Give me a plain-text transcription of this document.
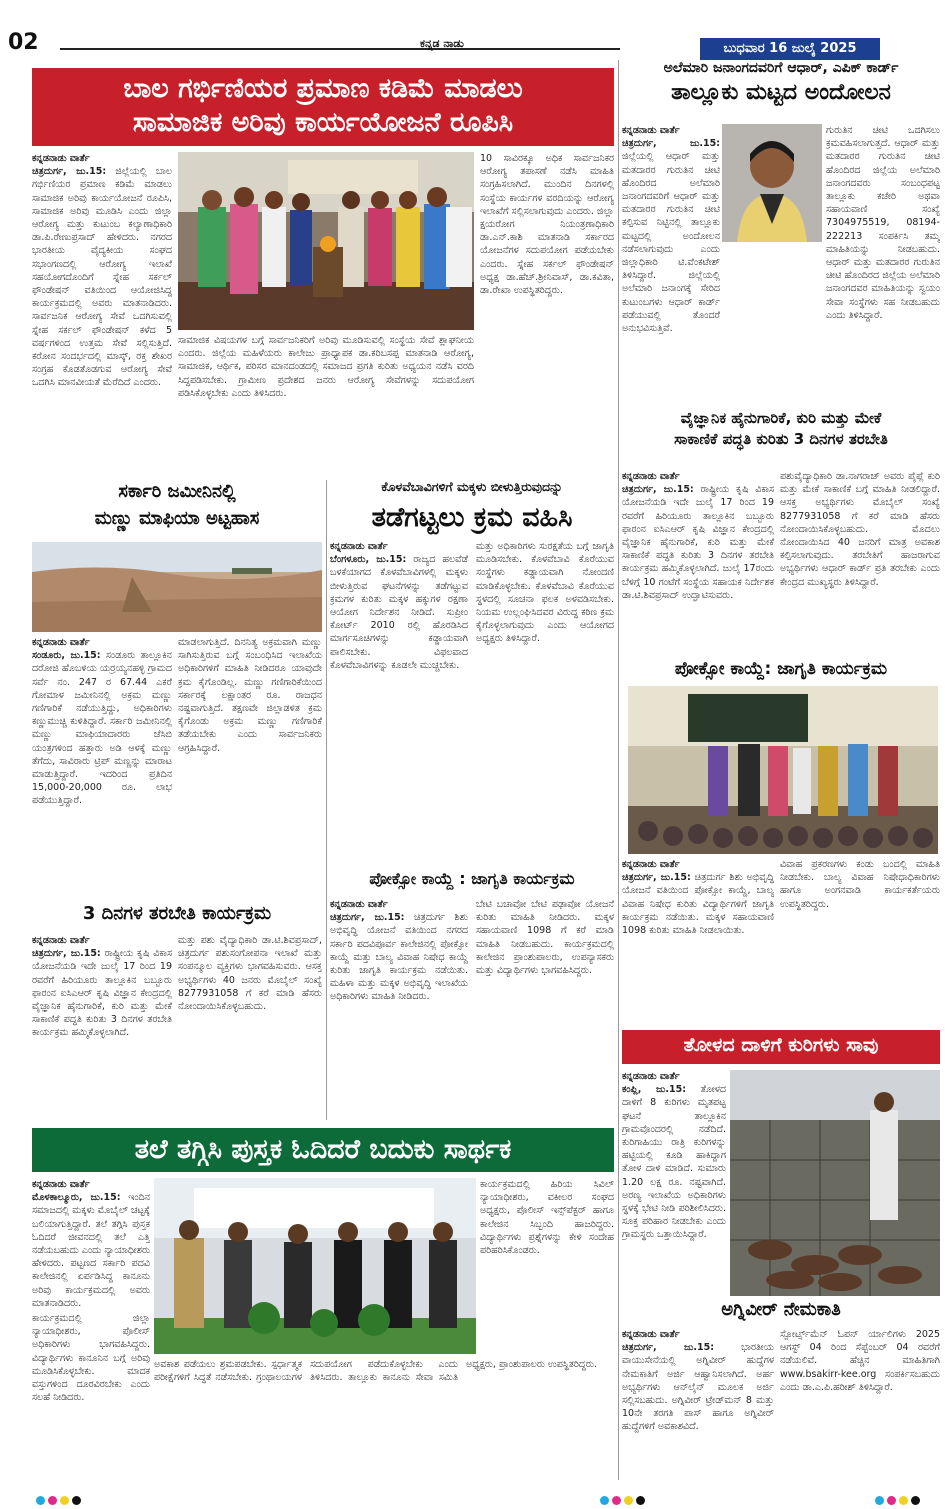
02	ಕನ್ನಡ ನಾಡು	ಬುಧವಾರ 16 ಜುಲೈ 2025
ಬಾಲ ಗರ್ಭಿಣಿಯರ ಪ್ರಮಾಣ ಕಡಿಮೆ ಮಾಡಲು
ಸಾಮಾಜಿಕ ಅರಿವು ಕಾರ್ಯಯೋಜನೆ ರೂಪಿಸಿ

ಕನ್ನಡನಾಡು ವಾರ್ತೆ
ಚಿತ್ರದುರ್ಗ, ಜು.15: ಜಿಲ್ಲೆಯಲ್ಲಿ ಬಾಲ ಗರ್ಭಿಣಿಯರ ಪ್ರಮಾಣ ಕಡಿಮೆ ಮಾಡಲು ಸಾಮಾಜಿಕ ಅರಿವು ಕಾರ್ಯಯೋಜನೆ ರೂಪಿಸಿ, ಸಾಮಾಜಿಕ ಅರಿವು ಮೂಡಿಸಿ ಎಂದು ಜಿಲ್ಲಾ ಆರೋಗ್ಯ ಮತ್ತು ಕುಟುಂಬ ಕಲ್ಯಾಣಾಧಿಕಾರಿ ಡಾ.ಪಿ.ರೇಣುಪ್ರಸಾದ್ ಹೇಳಿದರು. ನಗರದ ಭಾರತೀಯ ವೈದ್ಯಕೀಯ ಸಂಘದ ಸಭಾಂಗಣದಲ್ಲಿ ಆರೋಗ್ಯ ಇಲಾಖೆ ಸಹಯೋಗದೊಂದಿಗೆ ಸ್ನೇಹ ಸರ್ಕಲ್ ಫೌಂಡೇಷನ್ ವತಿಯಿಂದ ಆಯೋಜಿಸಿದ್ದ ಕಾರ್ಯಕ್ರಮದಲ್ಲಿ ಅವರು ಮಾತನಾಡಿದರು. ಸಾರ್ವಜನಿಕ ಆರೋಗ್ಯ ಸೇವೆ ಒದಗಿಸುವಲ್ಲಿ ಸ್ನೇಹ ಸರ್ಕಲ್ ಫೌಂಡೇಷನ್ ಕಳೆದ 5 ವರ್ಷಗಳಿಂದ ಉತ್ತಮ ಸೇವೆ ಸಲ್ಲಿಸುತ್ತಿದೆ. ಕರೋನ ಸಂದರ್ಭದಲ್ಲಿ ಮಾಸ್ಕ್, ರಕ್ತ ಶೇಖರ ಸಂಗ್ರಹ ಕೊಡತೊಡಗುವ ಆರೋಗ್ಯ ಸೇವೆ ಒದಗಿಸಿ ಮಾನವೀಯತೆ ಮೆರೆದಿದೆ ಎಂದರು.

ಸಾಮಾಜಿಕ ವಿಷಯಗಳ ಬಗ್ಗೆ ಸಾರ್ವಜನಿಕರಿಗೆ ಅರಿವು ಮೂಡಿಸುವಲ್ಲಿ ಸಂಸ್ಥೆಯ ಸೇವೆ ಶ್ಲಾಘನೀಯ ಎಂದರು. ಜಿಲ್ಲೆಯ ಮಹಿಳೆಯರು ಕಾಲೇಜು ಪ್ರಾಧ್ಯಾಪಕ ಡಾ.ಕರಿಬಸಪ್ಪ ಮಾತನಾಡಿ ಆರೋಗ್ಯ, ಸಾಮಾಜಿಕ, ಆರ್ಥಿಕ, ಪರಿಸರ ಮಾನದಂಡದಲ್ಲಿ ಸಮಾಜದ ಪ್ರಗತಿ ಕುರಿತು ಅಧ್ಯಯನ ನಡೆಸಿ ವರದಿ ಸಿದ್ಧಪಡಿಸಬೇಕು. ಗ್ರಾಮೀಣ ಪ್ರದೇಶದ ಜನರು ಆರೋಗ್ಯ ಸೇವೆಗಳನ್ನು ಸದುಪಯೋಗ ಪಡಿಸಿಕೊಳ್ಳಬೇಕು ಎಂದು ತಿಳಿಸಿದರು.

10 ಸಾವಿರಕ್ಕೂ ಅಧಿಕ ಸಾರ್ವಜನಿಕರ ಆರೋಗ್ಯ ತಪಾಸಣೆ ನಡೆಸಿ ಮಾಹಿತಿ ಸಂಗ್ರಹಿಸಲಾಗಿದೆ. ಮುಂದಿನ ದಿನಗಳಲ್ಲಿ ಸಂಸ್ಥೆಯ ಕಾರ್ಯಗಳ ವರದಿಯನ್ನು ಆರೋಗ್ಯ ಇಲಾಖೆಗೆ ಸಲ್ಲಿಸಲಾಗುವುದು ಎಂದರು. ಜಿಲ್ಲಾ ಕ್ಷಯರೋಗ ನಿಯಂತ್ರಣಾಧಿಕಾರಿ ಡಾ.ಎನ್.ಕಾಶಿ ಮಾತನಾಡಿ ಸರ್ಕಾರದ ಯೋಜನೆಗಳ ಸದುಪಯೋಗ ಪಡೆಯಬೇಕು ಎಂದರು. ಸ್ನೇಹ ಸರ್ಕಲ್ ಫೌಂಡೇಷನ್ ಅಧ್ಯಕ್ಷ ಡಾ.ಹೆಚ್.ಶ್ರೀನಿವಾಸ್, ಡಾ.ಕವಿತಾ, ಡಾ.ರೇಖಾ ಉಪಸ್ಥಿತರಿದ್ದರು.

ಅಲೆಮಾರಿ ಜನಾಂಗದವರಿಗೆ ಆಧಾರ್, ಎಪಿಕ್ ಕಾರ್ಡ್
ತಾಲ್ಲೂಕು ಮಟ್ಟದ ಅಂದೋಲನ

ಕನ್ನಡನಾಡು ವಾರ್ತೆ
ಚಿತ್ರದುರ್ಗ, ಜು.15: ಜಿಲ್ಲೆಯಲ್ಲಿ ಆಧಾರ್ ಮತ್ತು ಮತದಾರರ ಗುರುತಿನ ಚೀಟಿ ಹೊಂದಿರದ ಅಲೆಮಾರಿ ಜನಾಂಗದವರಿಗೆ ಆಧಾರ್ ಮತ್ತು ಮತದಾರರ ಗುರುತಿನ ಚೀಟಿ ಕಲ್ಪಿಸುವ ನಿಟ್ಟಿನಲ್ಲಿ ತಾಲ್ಲೂಕು ಮಟ್ಟದಲ್ಲಿ ಅಂದೋಲನ ನಡೆಸಲಾಗುವುದು ಎಂದು ಜಿಲ್ಲಾಧಿಕಾರಿ ಟಿ.ವೆಂಕಟೇಶ್ ತಿಳಿಸಿದ್ದಾರೆ. ಜಿಲ್ಲೆಯಲ್ಲಿ ಅಲೆಮಾರಿ ಜನಾಂಗಕ್ಕೆ ಸೇರಿದ ಕುಟುಂಬಗಳು ಆಧಾರ್ ಕಾರ್ಡ್ ಪಡೆಯುವಲ್ಲಿ ತೊಂದರೆ ಅನುಭವಿಸುತ್ತಿವೆ.

ಗುರುತಿನ ಚೀಟಿ ಒದಗಿಸಲು ಕ್ರಮವಹಿಸಲಾಗುತ್ತದೆ. ಆಧಾರ್ ಮತ್ತು ಮತದಾರರ ಗುರುತಿನ ಚೀಟಿ ಹೊಂದಿರದ ಜಿಲ್ಲೆಯ ಅಲೆಮಾರಿ ಜನಾಂಗದವರು ಸಂಬಂಧಪಟ್ಟ ತಾಲ್ಲೂಕು ಕಚೇರಿ ಅಥವಾ ಸಹಾಯವಾಣಿ ಸಂಖ್ಯೆ 7304975519, 08194-222213 ಸಂಪರ್ಕಿಸಿ ತಮ್ಮ ಮಾಹಿತಿಯನ್ನು ನೀಡಬಹುದು. ಆಧಾರ್ ಮತ್ತು ಮತದಾರರ ಗುರುತಿನ ಚೀಟಿ ಹೊಂದಿರದ ಜಿಲ್ಲೆಯ ಅಲೆಮಾರಿ ಜನಾಂಗದವರ ಮಾಹಿತಿಯನ್ನು ಸ್ವಯಂ ಸೇವಾ ಸಂಸ್ಥೆಗಳು ಸಹ ನೀಡಬಹುದು ಎಂದು ತಿಳಿಸಿದ್ದಾರೆ.

ವೈಜ್ಞಾನಿಕ ಹೈನುಗಾರಿಕೆ, ಕುರಿ ಮತ್ತು ಮೇಕೆ
ಸಾಕಾಣಿಕೆ ಪದ್ಧತಿ ಕುರಿತು 3 ದಿನಗಳ ತರಬೇತಿ

ಕನ್ನಡನಾಡು ವಾರ್ತೆ
ಚಿತ್ರದುರ್ಗ, ಜು.15: ರಾಷ್ಟ್ರೀಯ ಕೃಷಿ ವಿಕಾಸ ಯೋಜನೆಯಡಿ ಇದೇ ಜುಲೈ 17 ರಿಂದ 19 ರವರೆಗೆ ಹಿರಿಯೂರು ತಾಲ್ಲೂಕಿನ ಬಬ್ಬೂರು ಫಾರಂನ ಐಸಿಎಆರ್ ಕೃಷಿ ವಿಜ್ಞಾನ ಕೇಂದ್ರದಲ್ಲಿ ವೈಜ್ಞಾನಿಕ ಹೈನುಗಾರಿಕೆ, ಕುರಿ ಮತ್ತು ಮೇಕೆ ಸಾಕಾಣಿಕೆ ಪದ್ಧತಿ ಕುರಿತು 3 ದಿನಗಳ ತರಬೇತಿ ಕಾರ್ಯಕ್ರಮ ಹಮ್ಮಿಕೊಳ್ಳಲಾಗಿದೆ. ಜುಲೈ 17ರಂದು ಬೆಳಿಗ್ಗೆ 10 ಗಂಟೆಗೆ ಸಂಸ್ಥೆಯ ಸಹಾಯಕ ನಿರ್ದೇಶಕ ಡಾ.ಟಿ.ಶಿವಪ್ರಸಾದ್ ಉದ್ಘಾಟಿಸುವರು.

ಪಶುವೈದ್ಯಾಧಿಕಾರಿ ಡಾ.ನಾಗರಾಜ್ ಅವರು ಪೈಪ್ಲೆ ಕುರಿ ಮತ್ತು ಮೇಕೆ ಸಾಕಾಣಿಕೆ ಬಗ್ಗೆ ಮಾಹಿತಿ ನೀಡಲಿದ್ದಾರೆ. ಆಸಕ್ತ ಅಭ್ಯರ್ಥಿಗಳು ಮೊಬೈಲ್ ಸಂಖ್ಯೆ 8277931058 ಗೆ ಕರೆ ಮಾಡಿ ಹೆಸರು ನೋಂದಾಯಿಸಿಕೊಳ್ಳಬಹುದು. ಮೊದಲು ನೋಂದಾಯಿಸಿದ 40 ಜನರಿಗೆ ಮಾತ್ರ ಅವಕಾಶ ಕಲ್ಪಿಸಲಾಗುವುದು. ತರಬೇತಿಗೆ ಹಾಜರಾಗುವ ಅಭ್ಯರ್ಥಿಗಳು ಆಧಾರ್ ಕಾರ್ಡ್ ಪ್ರತಿ ತರಬೇಕು ಎಂದು ಕೇಂದ್ರದ ಮುಖ್ಯಸ್ಥರು ತಿಳಿಸಿದ್ದಾರೆ.

ಪೋಕ್ಸೋ ಕಾಯ್ದೆ: ಜಾಗೃತಿ ಕಾರ್ಯಕ್ರಮ

ಕನ್ನಡನಾಡು ವಾರ್ತೆ
ಚಿತ್ರದುರ್ಗ, ಜು.15: ಚಿತ್ರದುರ್ಗ ಶಿಶು ಅಭಿವೃದ್ಧಿ ಯೋಜನೆ ವತಿಯಿಂದ ಪೋಕ್ಸೋ ಕಾಯ್ದೆ, ಬಾಲ್ಯ ವಿವಾಹ ನಿಷೇಧ ಕುರಿತು ವಿದ್ಯಾರ್ಥಿಗಳಿಗೆ ಜಾಗೃತಿ ಕಾರ್ಯಕ್ರಮ ನಡೆಯಿತು. ಮಕ್ಕಳ ಸಹಾಯವಾಣಿ 1098 ಕುರಿತು ಮಾಹಿತಿ ನೀಡಲಾಯಿತು.

ವಿವಾಹ ಪ್ರಕರಣಗಳು ಕಂಡು ಬಂದಲ್ಲಿ ಮಾಹಿತಿ ನೀಡಬೇಕು. ಬಾಲ್ಯ ವಿವಾಹ ನಿಷೇಧಾಧಿಕಾರಿಗಳು ಹಾಗೂ ಅಂಗನವಾಡಿ ಕಾರ್ಯಕರ್ತೆಯರು ಉಪಸ್ಥಿತರಿದ್ದರು.

ತೋಳದ ದಾಳಿಗೆ ಕುರಿಗಳು ಸಾವು

ಕನ್ನಡನಾಡು ವಾರ್ತೆ
ಕಂಪ್ಲಿ, ಜು.15: ತೋಳದ ದಾಳಿಗೆ 8 ಕುರಿಗಳು ಮೃತಪಟ್ಟ ಘಟನೆ ತಾಲ್ಲೂಕಿನ ಗ್ರಾಮವೊಂದರಲ್ಲಿ ನಡೆದಿದೆ. ಕುರಿಗಾಹಿಯು ರಾತ್ರಿ ಕುರಿಗಳನ್ನು ಹಟ್ಟಿಯಲ್ಲಿ ಕೂಡಿ ಹಾಕಿದ್ದಾಗ ತೋಳ ದಾಳಿ ಮಾಡಿದೆ. ಸುಮಾರು 1.20 ಲಕ್ಷ ರೂ. ನಷ್ಟವಾಗಿದೆ. ಅರಣ್ಯ ಇಲಾಖೆಯ ಅಧಿಕಾರಿಗಳು ಸ್ಥಳಕ್ಕೆ ಭೇಟಿ ನೀಡಿ ಪರಿಶೀಲಿಸಿದರು. ಸೂಕ್ತ ಪರಿಹಾರ ನೀಡಬೇಕು ಎಂದು ಗ್ರಾಮಸ್ಥರು ಒತ್ತಾಯಿಸಿದ್ದಾರೆ.

ಅಗ್ನಿವೀರ್ ನೇಮಕಾತಿ

ಕನ್ನಡನಾಡು ವಾರ್ತೆ
ಚಿತ್ರದುರ್ಗ, ಜು.15:	ಭಾರತೀಯ ವಾಯುಸೇನೆಯಲ್ಲಿ ಅಗ್ನಿವೀರ್ ಹುದ್ದೆಗಳ ನೇಮಕಾತಿಗೆ ಅರ್ಜಿ ಆಹ್ವಾನಿಸಲಾಗಿದೆ. ಅರ್ಹ ಅಭ್ಯರ್ಥಿಗಳು ಆನ್‌ಲೈನ್ ಮೂಲಕ ಅರ್ಜಿ ಸಲ್ಲಿಸಬಹುದು. ಅಗ್ನಿವೀರ್ ಟ್ರೇಡ್‌ಮನ್ 8 ಮತ್ತು 10ನೇ ತರಗತಿ ಪಾಸ್ ಹಾಗೂ ಅಗ್ನಿವೀರ್ ಹುದ್ದೆಗಳಿಗೆ ಅವಕಾಶವಿದೆ.

ಸ್ಪೋರ್ಟ್ಸ್‌ಮೆನ್ ಓಪನ್ ರ್ಯಾಲಿಗಳು 2025 ಆಗಸ್ಟ್ 04 ರಿಂದ ಸೆಪ್ಟೆಂಬರ್ 04 ರವರೆಗೆ ನಡೆಯಲಿವೆ. ಹೆಚ್ಚಿನ ಮಾಹಿತಿಗಾಗಿ www.bsakirr-kee.org ಸಂಪರ್ಕಿಸಬಹುದು ಎಂದು ಡಾ.ಎ.ಪಿ.ಹರೀಶ್ ತಿಳಿಸಿದ್ದಾರೆ.

ಸರ್ಕಾರಿ ಜಮೀನಿನಲ್ಲಿ
ಮಣ್ಣು ಮಾಫಿಯಾ ಅಟ್ಟಹಾಸ

ಕನ್ನಡನಾಡು ವಾರ್ತೆ
ಸಂಡೂರು, ಜು.15: ಸಂಡೂರು ತಾಲ್ಲೂಕಿನ ದರೋಜಿ ಹೊಬಳಿಯ ಯರ್ರಯ್ಯನಹಳ್ಳಿ ಗ್ರಾಮದ ಸರ್ವೆ ನಂ. 247 ರ 67.44 ಎಕರೆ ಗೋಮಾಳ ಜಮೀನಿನಲ್ಲಿ ಅಕ್ರಮ ಮಣ್ಣು ಗಣಿಗಾರಿಕೆ ನಡೆಯುತ್ತಿದ್ದು, ಅಧಿಕಾರಿಗಳು ಕಣ್ಣುಮುಚ್ಚಿ ಕುಳಿತಿದ್ದಾರೆ. ಸರ್ಕಾರಿ ಜಮೀನಿನಲ್ಲಿ ಮಣ್ಣು ಮಾಫಿಯಾದಾರರು ಜೆಸಿಬಿ ಯಂತ್ರಗಳಿಂದ ಹತ್ತಾರು ಅಡಿ ಆಳಕ್ಕೆ ಮಣ್ಣು ತೆಗೆದು, ಸಾವಿರಾರು ಟ್ರಿಪ್ ಮಣ್ಣನ್ನು ಮಾರಾಟ ಮಾಡುತ್ತಿದ್ದಾರೆ. ಇದರಿಂದ ಪ್ರತಿದಿನ 15,000-20,000 ರೂ. ಲಾಭ ಪಡೆಯುತ್ತಿದ್ದಾರೆ.

ಮಾಡಲಾಗುತ್ತಿದೆ. ದಿನನಿತ್ಯ ಅಕ್ರಮವಾಗಿ ಮಣ್ಣು ಸಾಗಿಸುತ್ತಿರುವ ಬಗ್ಗೆ ಸಂಬಂಧಿಸಿದ ಇಲಾಖೆಯ ಅಧಿಕಾರಿಗಳಿಗೆ ಮಾಹಿತಿ ನೀಡಿದರೂ ಯಾವುದೇ ಕ್ರಮ ಕೈಗೊಂಡಿಲ್ಲ. ಮಣ್ಣು ಗಣಿಗಾರಿಕೆಯಿಂದ ಸರ್ಕಾರಕ್ಕೆ ಲಕ್ಷಾಂತರ ರೂ. ರಾಜಧನ ನಷ್ಟವಾಗುತ್ತಿದೆ. ತಕ್ಷಣವೇ ಜಿಲ್ಲಾಡಳಿತ ಕ್ರಮ ಕೈಗೊಂಡು ಅಕ್ರಮ ಮಣ್ಣು ಗಣಿಗಾರಿಕೆ ತಡೆಯಬೇಕು ಎಂದು ಸಾರ್ವಜನಿಕರು ಆಗ್ರಹಿಸಿದ್ದಾರೆ.

ಕೊಳವೆಬಾವಿಗಳಿಗೆ ಮಕ್ಕಳು ಬೀಳುತ್ತಿರುವುದನ್ನು
ತಡೆಗಟ್ಟಲು ಕ್ರಮ ವಹಿಸಿ

ಕನ್ನಡನಾಡು ವಾರ್ತೆ
ಬೆಂಗಳೂರು, ಜು.15: ರಾಜ್ಯದ ಹಲವೆಡೆ ಬಳಕೆಯಾಗದ ಕೊಳವೆಬಾವಿಗಳಲ್ಲಿ ಮಕ್ಕಳು ಬೀಳುತ್ತಿರುವ ಘಟನೆಗಳನ್ನು ತಡೆಗಟ್ಟುವ ಕ್ರಮಗಳ ಕುರಿತು ಮಕ್ಕಳ ಹಕ್ಕುಗಳ ರಕ್ಷಣಾ ಆಯೋಗ ನಿರ್ದೇಶನ ನೀಡಿದೆ. ಸುಪ್ರೀಂ ಕೋರ್ಟ್ 2010 ರಲ್ಲಿ ಹೊರಡಿಸಿದ ಮಾರ್ಗಸೂಚಿಗಳನ್ನು ಕಡ್ಡಾಯವಾಗಿ ಪಾಲಿಸಬೇಕು. ವಿಫಲವಾದ ಕೊಳವೆಬಾವಿಗಳನ್ನು ಕೂಡಲೇ ಮುಚ್ಚಬೇಕು.

ಮತ್ತು ಅಧಿಕಾರಿಗಳು ಸುರಕ್ಷತೆಯ ಬಗ್ಗೆ ಜಾಗೃತಿ ಮೂಡಿಸಬೇಕು. ಕೊಳವೆಬಾವಿ ಕೊರೆಯುವ ಸಂಸ್ಥೆಗಳು ಕಡ್ಡಾಯವಾಗಿ ನೋಂದಣಿ ಮಾಡಿಕೊಳ್ಳಬೇಕು. ಕೊಳವೆಬಾವಿ ಕೊರೆಯುವ ಸ್ಥಳದಲ್ಲಿ ಸೂಚನಾ ಫಲಕ ಅಳವಡಿಸಬೇಕು. ನಿಯಮ ಉಲ್ಲಂಘಿಸಿದವರ ವಿರುದ್ಧ ಕಠಿಣ ಕ್ರಮ ಕೈಗೊಳ್ಳಲಾಗುವುದು ಎಂದು ಆಯೋಗದ ಅಧ್ಯಕ್ಷರು ತಿಳಿಸಿದ್ದಾರೆ.

3 ದಿನಗಳ ತರಬೇತಿ ಕಾರ್ಯಕ್ರಮ

ಕನ್ನಡನಾಡು ವಾರ್ತೆ
ಚಿತ್ರದುರ್ಗ, ಜು.15: ರಾಷ್ಟ್ರೀಯ ಕೃಷಿ ವಿಕಾಸ ಯೋಜನೆಯಡಿ ಇದೇ ಜುಲೈ 17 ರಿಂದ 19 ರವರೆಗೆ ಹಿರಿಯೂರು ತಾಲ್ಲೂಕಿನ ಬಬ್ಬೂರು ಫಾರಂನ ಐಸಿಎಆರ್ ಕೃಷಿ ವಿಜ್ಞಾನ ಕೇಂದ್ರದಲ್ಲಿ ವೈಜ್ಞಾನಿಕ ಹೈನುಗಾರಿಕೆ, ಕುರಿ ಮತ್ತು ಮೇಕೆ ಸಾಕಾಣಿಕೆ ಪದ್ಧತಿ ಕುರಿತು 3 ದಿನಗಳ ತರಬೇತಿ ಕಾರ್ಯಕ್ರಮ ಹಮ್ಮಿಕೊಳ್ಳಲಾಗಿದೆ.

ಮತ್ತು ಪಶು ವೈದ್ಯಾಧಿಕಾರಿ ಡಾ.ಟಿ.ಶಿವಪ್ರಸಾದ್, ಚಿತ್ರದುರ್ಗ ಪಶುಸಂಗೋಪನಾ ಇಲಾಖೆ ಮತ್ತು ಸಂಪನ್ಮೂಲ ವ್ಯಕ್ತಿಗಳು ಭಾಗವಹಿಸುವರು. ಆಸಕ್ತ ಅಭ್ಯರ್ಥಿಗಳು 40 ಜನರು ಮೊಬೈಲ್ ಸಂಖ್ಯೆ 8277931058 ಗೆ ಕರೆ ಮಾಡಿ ಹೆಸರು ನೋಂದಾಯಿಸಿಕೊಳ್ಳಬಹುದು.

ಪೋಕ್ಸೋ ಕಾಯ್ದೆ : ಜಾಗೃತಿ ಕಾರ್ಯಕ್ರಮ

ಕನ್ನಡನಾಡು ವಾರ್ತೆ
ಚಿತ್ರದುರ್ಗ, ಜು.15: ಚಿತ್ರದುರ್ಗ ಶಿಶು ಅಭಿವೃದ್ಧಿ ಯೋಜನೆ ವತಿಯಿಂದ ನಗರದ ಸರ್ಕಾರಿ ಪದವಿಪೂರ್ವ ಕಾಲೇಜಿನಲ್ಲಿ ಪೋಕ್ಸೋ ಕಾಯ್ದೆ ಮತ್ತು ಬಾಲ್ಯ ವಿವಾಹ ನಿಷೇಧ ಕಾಯ್ದೆ ಕುರಿತು ಜಾಗೃತಿ ಕಾರ್ಯಕ್ರಮ ನಡೆಯಿತು. ಮಹಿಳಾ ಮತ್ತು ಮಕ್ಕಳ ಅಭಿವೃದ್ಧಿ ಇಲಾಖೆಯ ಅಧಿಕಾರಿಗಳು ಮಾಹಿತಿ ನೀಡಿದರು.

ಬೇಟಿ ಬಚಾವೋ ಬೇಟಿ ಪಢಾವೋ ಯೋಜನೆ ಕುರಿತು ಮಾಹಿತಿ ನೀಡಿದರು. ಮಕ್ಕಳ ಸಹಾಯವಾಣಿ 1098 ಗೆ ಕರೆ ಮಾಡಿ ಮಾಹಿತಿ ನೀಡಬಹುದು. ಕಾರ್ಯಕ್ರಮದಲ್ಲಿ ಕಾಲೇಜಿನ ಪ್ರಾಂಶುಪಾಲರು, ಉಪನ್ಯಾಸಕರು ಮತ್ತು ವಿದ್ಯಾರ್ಥಿಗಳು ಭಾಗವಹಿಸಿದ್ದರು.

ತಲೆ ತಗ್ಗಿಸಿ ಪುಸ್ತಕ ಓದಿದರೆ ಬದುಕು ಸಾರ್ಥಕ

ಕನ್ನಡನಾಡು ವಾರ್ತೆ
ಮೊಳಕಾಲ್ಮೂರು, ಜು.15: ಇಂದಿನ ಸಮಾಜದಲ್ಲಿ ಮಕ್ಕಳು ಮೊಬೈಲ್ ಚಟ್ಟಕ್ಕೆ ಬಲಿಯಾಗುತ್ತಿದ್ದಾರೆ. ತಲೆ ತಗ್ಗಿಸಿ ಪುಸ್ತಕ ಓದಿದರೆ ಜೀವನದಲ್ಲಿ ತಲೆ ಎತ್ತಿ ನಡೆಯಬಹುದು ಎಂದು ನ್ಯಾಯಾಧೀಶರು ಹೇಳಿದರು. ಪಟ್ಟಣದ ಸರ್ಕಾರಿ ಪದವಿ ಕಾಲೇಜಿನಲ್ಲಿ ಏರ್ಪಡಿಸಿದ್ದ ಕಾನೂನು ಅರಿವು ಕಾರ್ಯಕ್ರಮದಲ್ಲಿ ಅವರು ಮಾತನಾಡಿದರು.

ಕಾರ್ಯಕ್ರಮದಲ್ಲಿ ಹಿರಿಯ ಸಿವಿಲ್ ನ್ಯಾಯಾಧೀಶರು, ವಕೀಲರ ಸಂಘದ ಅಧ್ಯಕ್ಷರು, ಪೊಲೀಸ್ ಇನ್ಸ್‌ಪೆಕ್ಟರ್ ಹಾಗೂ ಕಾಲೇಜಿನ ಸಿಬ್ಬಂದಿ ಹಾಜರಿದ್ದರು. ವಿದ್ಯಾರ್ಥಿಗಳು ಪ್ರಶ್ನೆಗಳನ್ನು ಕೇಳಿ ಸಂದೇಹ ಪರಿಹರಿಸಿಕೊಂಡರು.

ಕಾರ್ಯಕ್ರಮದಲ್ಲಿ ಜಿಲ್ಲಾ ನ್ಯಾಯಾಧೀಶರು, ಪೊಲೀಸ್ ಅಧಿಕಾರಿಗಳು ಭಾಗವಹಿಸಿದ್ದರು. ವಿದ್ಯಾರ್ಥಿಗಳು ಕಾನೂನಿನ ಬಗ್ಗೆ ಅರಿವು ಮೂಡಿಸಿಕೊಳ್ಳಬೇಕು. ಮಾದಕ ವಸ್ತುಗಳಿಂದ ದೂರವಿರಬೇಕು ಎಂದು ಸಲಹೆ ನೀಡಿದರು.

ಅವಕಾಶ ಪಡೆಯಲು ಶ್ರಮಪಡಬೇಕು. ಸ್ಪರ್ಧಾತ್ಮಕ ಪರೀಕ್ಷೆಗಳಿಗೆ ಸಿದ್ಧತೆ ನಡೆಸಬೇಕು. ಗ್ರಂಥಾಲಯಗಳ ಸದುಪಯೋಗ ಪಡೆದುಕೊಳ್ಳಬೇಕು ಎಂದು ತಿಳಿಸಿದರು. ತಾಲ್ಲೂಕು ಕಾನೂನು ಸೇವಾ ಸಮಿತಿ ಅಧ್ಯಕ್ಷರು, ಪ್ರಾಂಶುಪಾಲರು ಉಪಸ್ಥಿತರಿದ್ದರು.
